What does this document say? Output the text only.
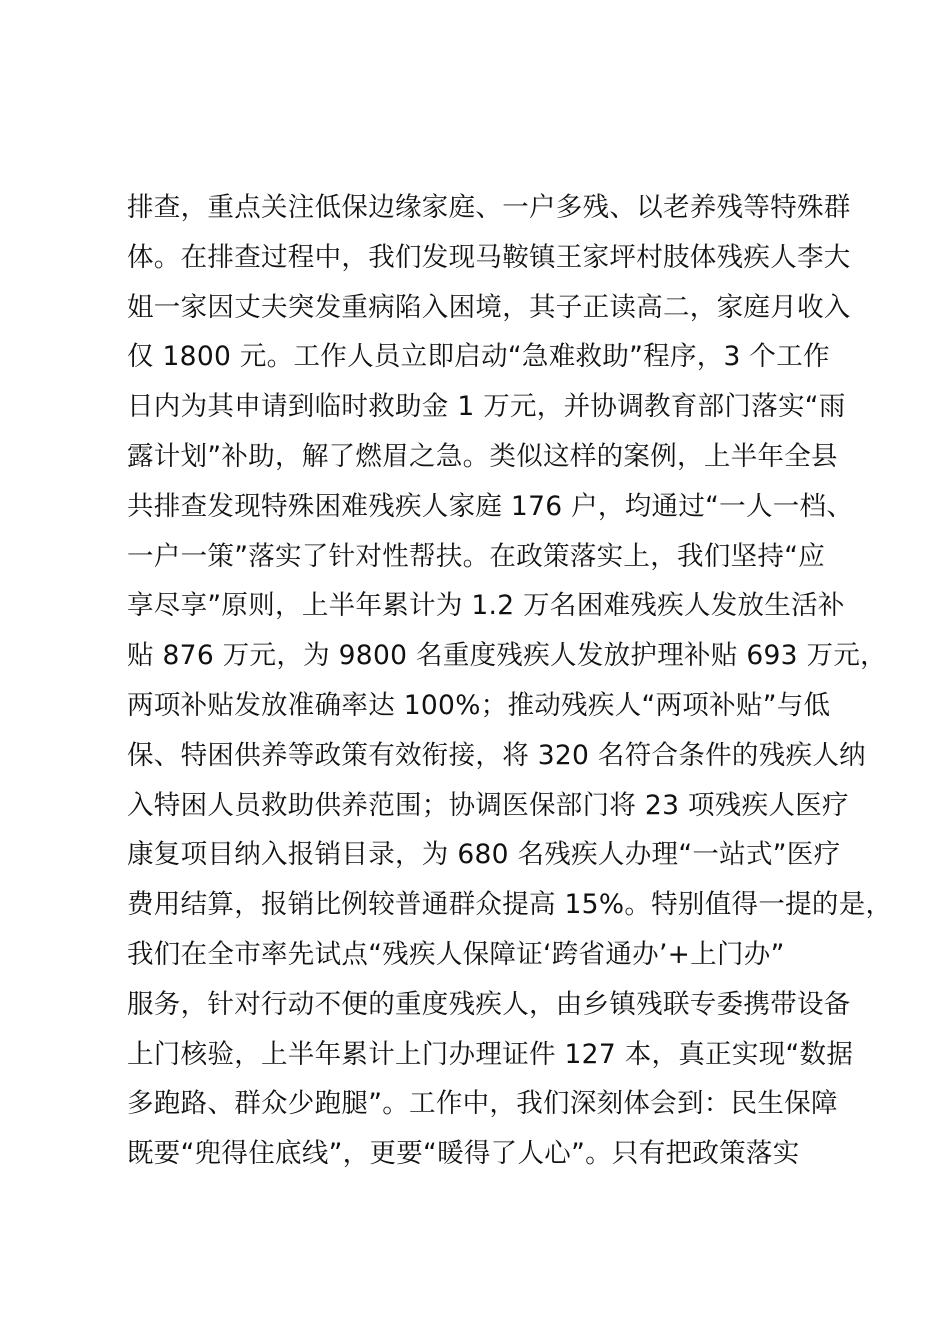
排查，重点关注低保边缘家庭、一户多残、以老养残等特殊群
体。在排查过程中，我们发现马鞍镇王家坪村肢体残疾人李大
姐一家因丈夫突发重病陷入困境，其子正读高二，家庭月收入
仅 1800 元。工作人员立即启动“急难救助”程序，3 个工作
日内为其申请到临时救助金 1 万元，并协调教育部门落实“雨
露计划”补助，解了燃眉之急。类似这样的案例，上半年全县
共排查发现特殊困难残疾人家庭 176 户，均通过“一人一档、
一户一策”落实了针对性帮扶。在政策落实上，我们坚持“应
享尽享”原则，上半年累计为 1.2 万名困难残疾人发放生活补
贴 876 万元，为 9800 名重度残疾人发放护理补贴 693 万元，
两项补贴发放准确率达 100%；推动残疾人“两项补贴”与低
保、特困供养等政策有效衔接，将 320 名符合条件的残疾人纳
入特困人员救助供养范围；协调医保部门将 23 项残疾人医疗
康复项目纳入报销目录，为 680 名残疾人办理“一站式”医疗
费用结算，报销比例较普通群众提高 15%。特别值得一提的是，
我们在全市率先试点“残疾人保障证‘跨省通办’+上门办”
服务，针对行动不便的重度残疾人，由乡镇残联专委携带设备
上门核验，上半年累计上门办理证件 127 本，真正实现“数据
多跑路、群众少跑腿”。工作中，我们深刻体会到：民生保障
既要“兜得住底线”，更要“暖得了人心”。只有把政策落实
